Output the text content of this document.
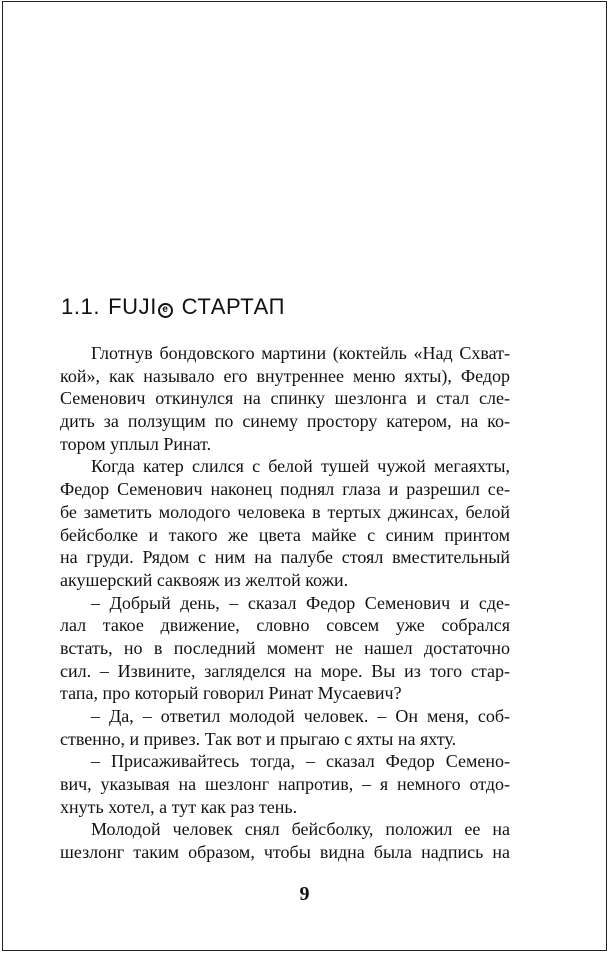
1.1. FUJI e СТАРТАП
Глотнув бондовского мартини (коктейль «Над Схват-
кой», как называло его внутреннее меню яхты), Федор
Семенович откинулся на спинку шезлонга и стал сле-
дить за ползущим по синему простору катером, на ко-
тором уплыл Ринат.
Когда катер слился с белой тушей чужой мегаяхты,
Федор Семенович наконец поднял глаза и разрешил се-
бе заметить молодого человека в тертых джинсах, белой
бейсболке и такого же цвета майке с синим принтом
на груди. Рядом с ним на палубе стоял вместительный
акушерский саквояж из желтой кожи.
– Добрый день, – сказал Федор Семенович и сде-
лал такое движение, словно совсем уже собрался
встать, но в последний момент не нашел достаточно
сил. – Извините, загляделся на море. Вы из того стар-
тапа, про который говорил Ринат Мусаевич?
– Да, – ответил молодой человек. – Он меня, соб-
ственно, и привез. Так вот и прыгаю с яхты на яхту.
– Присаживайтесь тогда, – сказал Федор Семено-
вич, указывая на шезлонг напротив, – я немного отдо-
хнуть хотел, а тут как раз тень.
Молодой человек снял бейсболку, положил ее на
шезлонг таким образом, чтобы видна была надпись на
9
